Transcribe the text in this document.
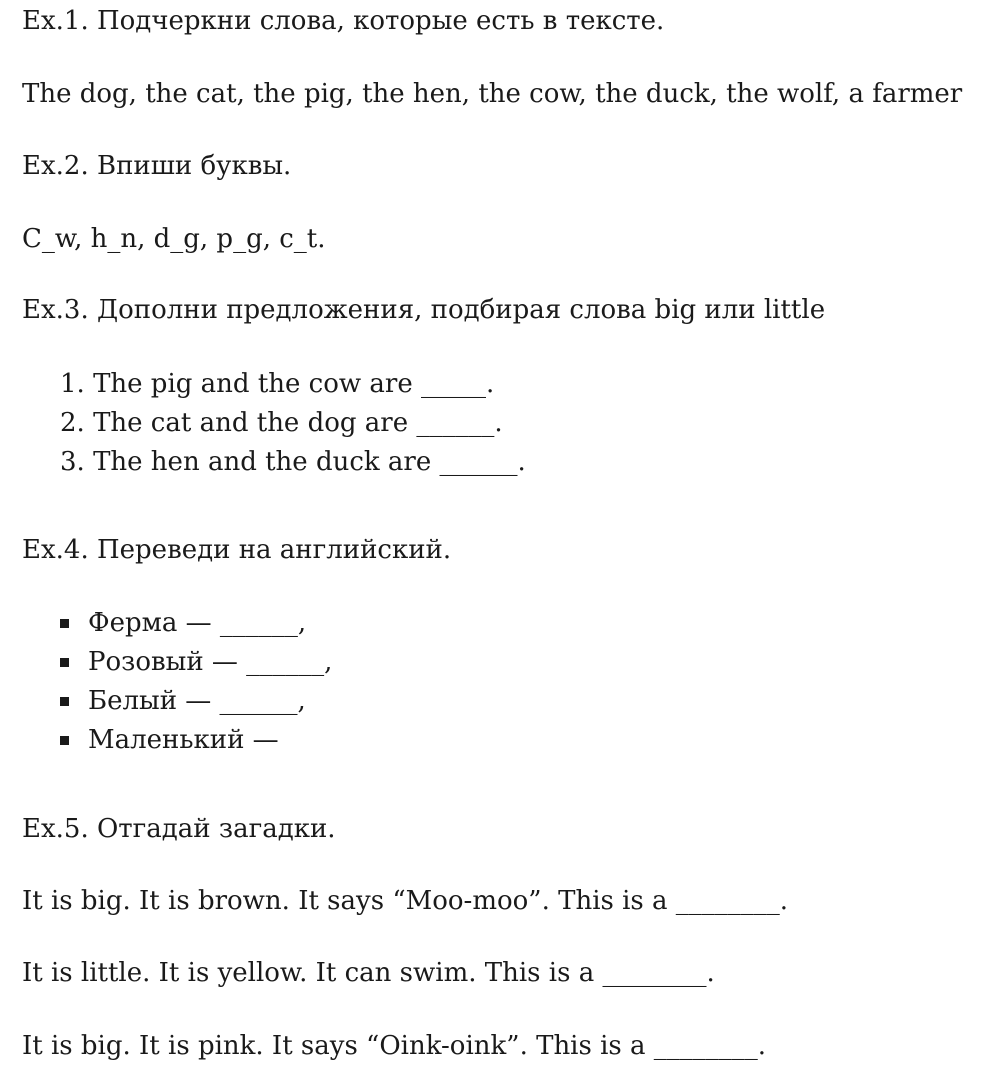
Ex.1. Подчеркни слова, которые есть в тексте.
The dog, the cat, the pig, the hen, the cow, the duck, the wolf, a farmer
Ex.2. Впиши буквы.
C_w, h_n, d_g, p_g, c_t.
Ex.3. Дополни предложения, подбирая слова big или little
1. The pig and the cow are _____.
2. The cat and the dog are ______.
3. The hen and the duck are ______.
Ex.4. Переведи на английский.
Ферма — ______,
Розовый — ______,
Белый — ______,
Маленький —
Ex.5. Отгадай загадки.
It is big. It is brown. It says “Moo-moo”. This is a ________.
It is little. It is yellow. It can swim. This is a ________.
It is big. It is pink. It says “Oink-oink”. This is a ________.
